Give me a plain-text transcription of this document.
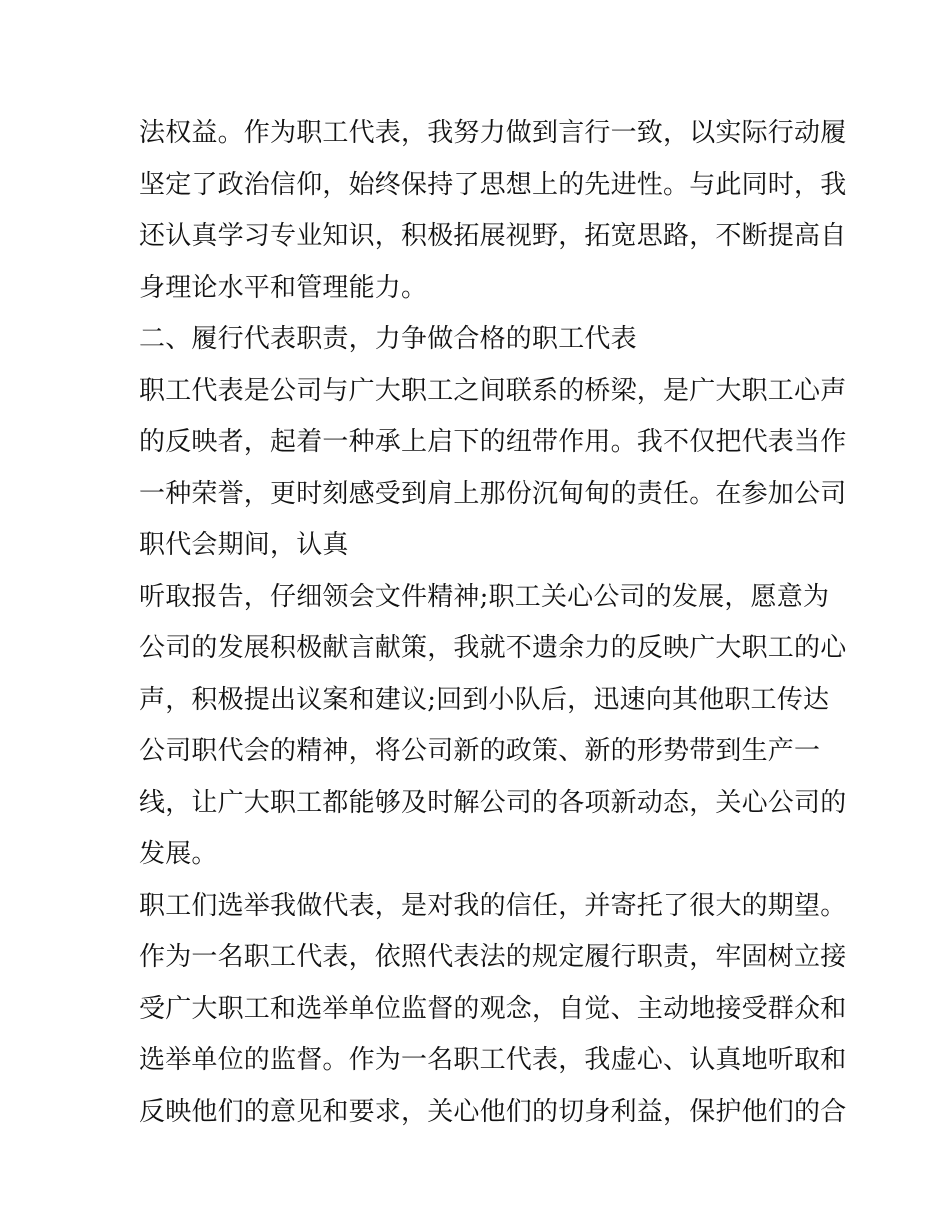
法权益。作为职工代表，我努力做到言行一致，以实际行动履
坚定了政治信仰，始终保持了思想上的先进性。与此同时，我
还认真学习专业知识，积极拓展视野，拓宽思路，不断提高自
身理论水平和管理能力。
二、履行代表职责，力争做合格的职工代表
职工代表是公司与广大职工之间联系的桥梁，是广大职工心声
的反映者，起着一种承上启下的纽带作用。我不仅把代表当作
一种荣誉，更时刻感受到肩上那份沉甸甸的责任。在参加公司
职代会期间，认真
听取报告，仔细领会文件精神;职工关心公司的发展，愿意为
公司的发展积极献言献策，我就不遗余力的反映广大职工的心
声，积极提出议案和建议;回到小队后，迅速向其他职工传达
公司职代会的精神，将公司新的政策、新的形势带到生产一
线，让广大职工都能够及时解公司的各项新动态，关心公司的
发展。
职工们选举我做代表，是对我的信任，并寄托了很大的期望。
作为一名职工代表，依照代表法的规定履行职责，牢固树立接
受广大职工和选举单位监督的观念，自觉、主动地接受群众和
选举单位的监督。作为一名职工代表，我虚心、认真地听取和
反映他们的意见和要求，关心他们的切身利益，保护他们的合
